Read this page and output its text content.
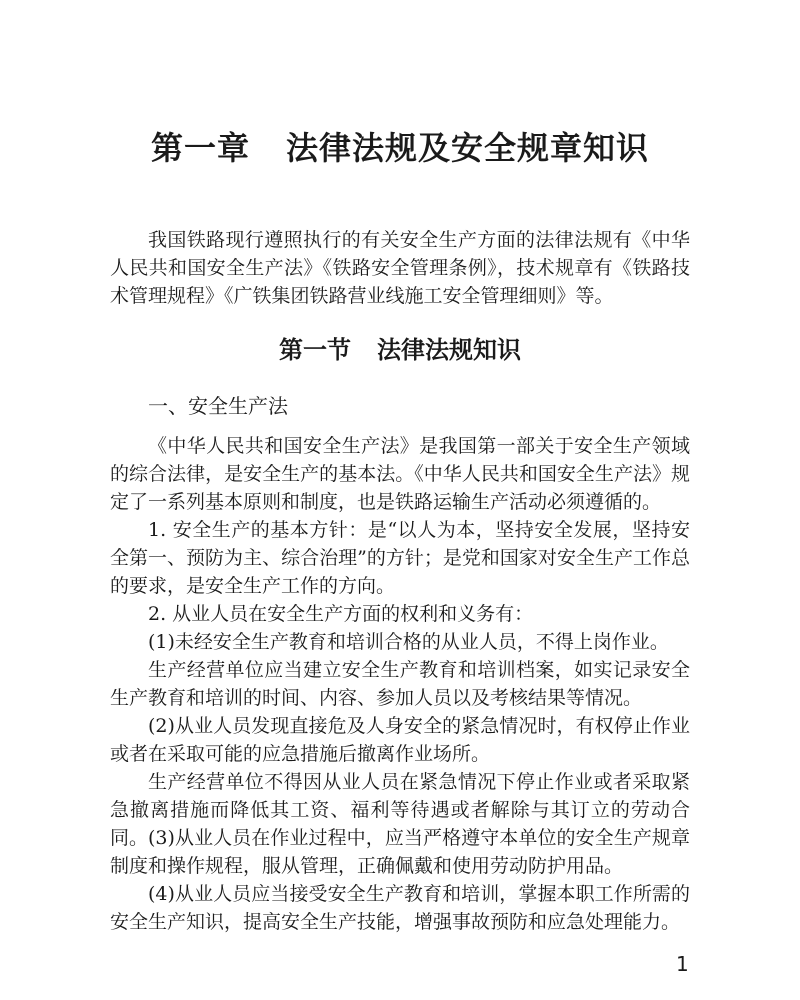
第一章 法律法规及安全规章知识

我国铁路现行遵照执行的有关安全生产方面的法律法规有《中华人民共和国安全生产法》《铁路安全管理条例》，技术规章有《铁路技术管理规程》《广铁集团铁路营业线施工安全管理细则》等。

第一节 法律法规知识
一、安全生产法

《中华人民共和国安全生产法》是我国第一部关于安全生产领域的综合法律，是安全生产的基本法。《中华人民共和国安全生产法》规定了一系列基本原则和制度，也是铁路运输生产活动必须遵循的。

1. 安全生产的基本方针：是“以人为本，坚持安全发展，坚持安全第一、预防为主、综合治理”的方针；是党和国家对安全生产工作总的要求，是安全生产工作的方向。

2. 从业人员在安全生产方面的权利和义务有：

(1)未经安全生产教育和培训合格的从业人员，不得上岗作业。

生产经营单位应当建立安全生产教育和培训档案，如实记录安全生产教育和培训的时间、内容、参加人员以及考核结果等情况。

(2)从业人员发现直接危及人身安全的紧急情况时，有权停止作业或者在采取可能的应急措施后撤离作业场所。

生产经营单位不得因从业人员在紧急情况下停止作业或者采取紧急撤离措施而降低其工资、福利等待遇或者解除与其订立的劳动合同。 (3)从业人员在作业过程中，应当严格遵守本单位的安全生产规章制度和操作规程，服从管理，正确佩戴和使用劳动防护用品。

(4)从业人员应当接受安全生产教育和培训，掌握本职工作所需的安全生产知识，提高安全生产技能，增强事故预防和应急处理能力。

1
